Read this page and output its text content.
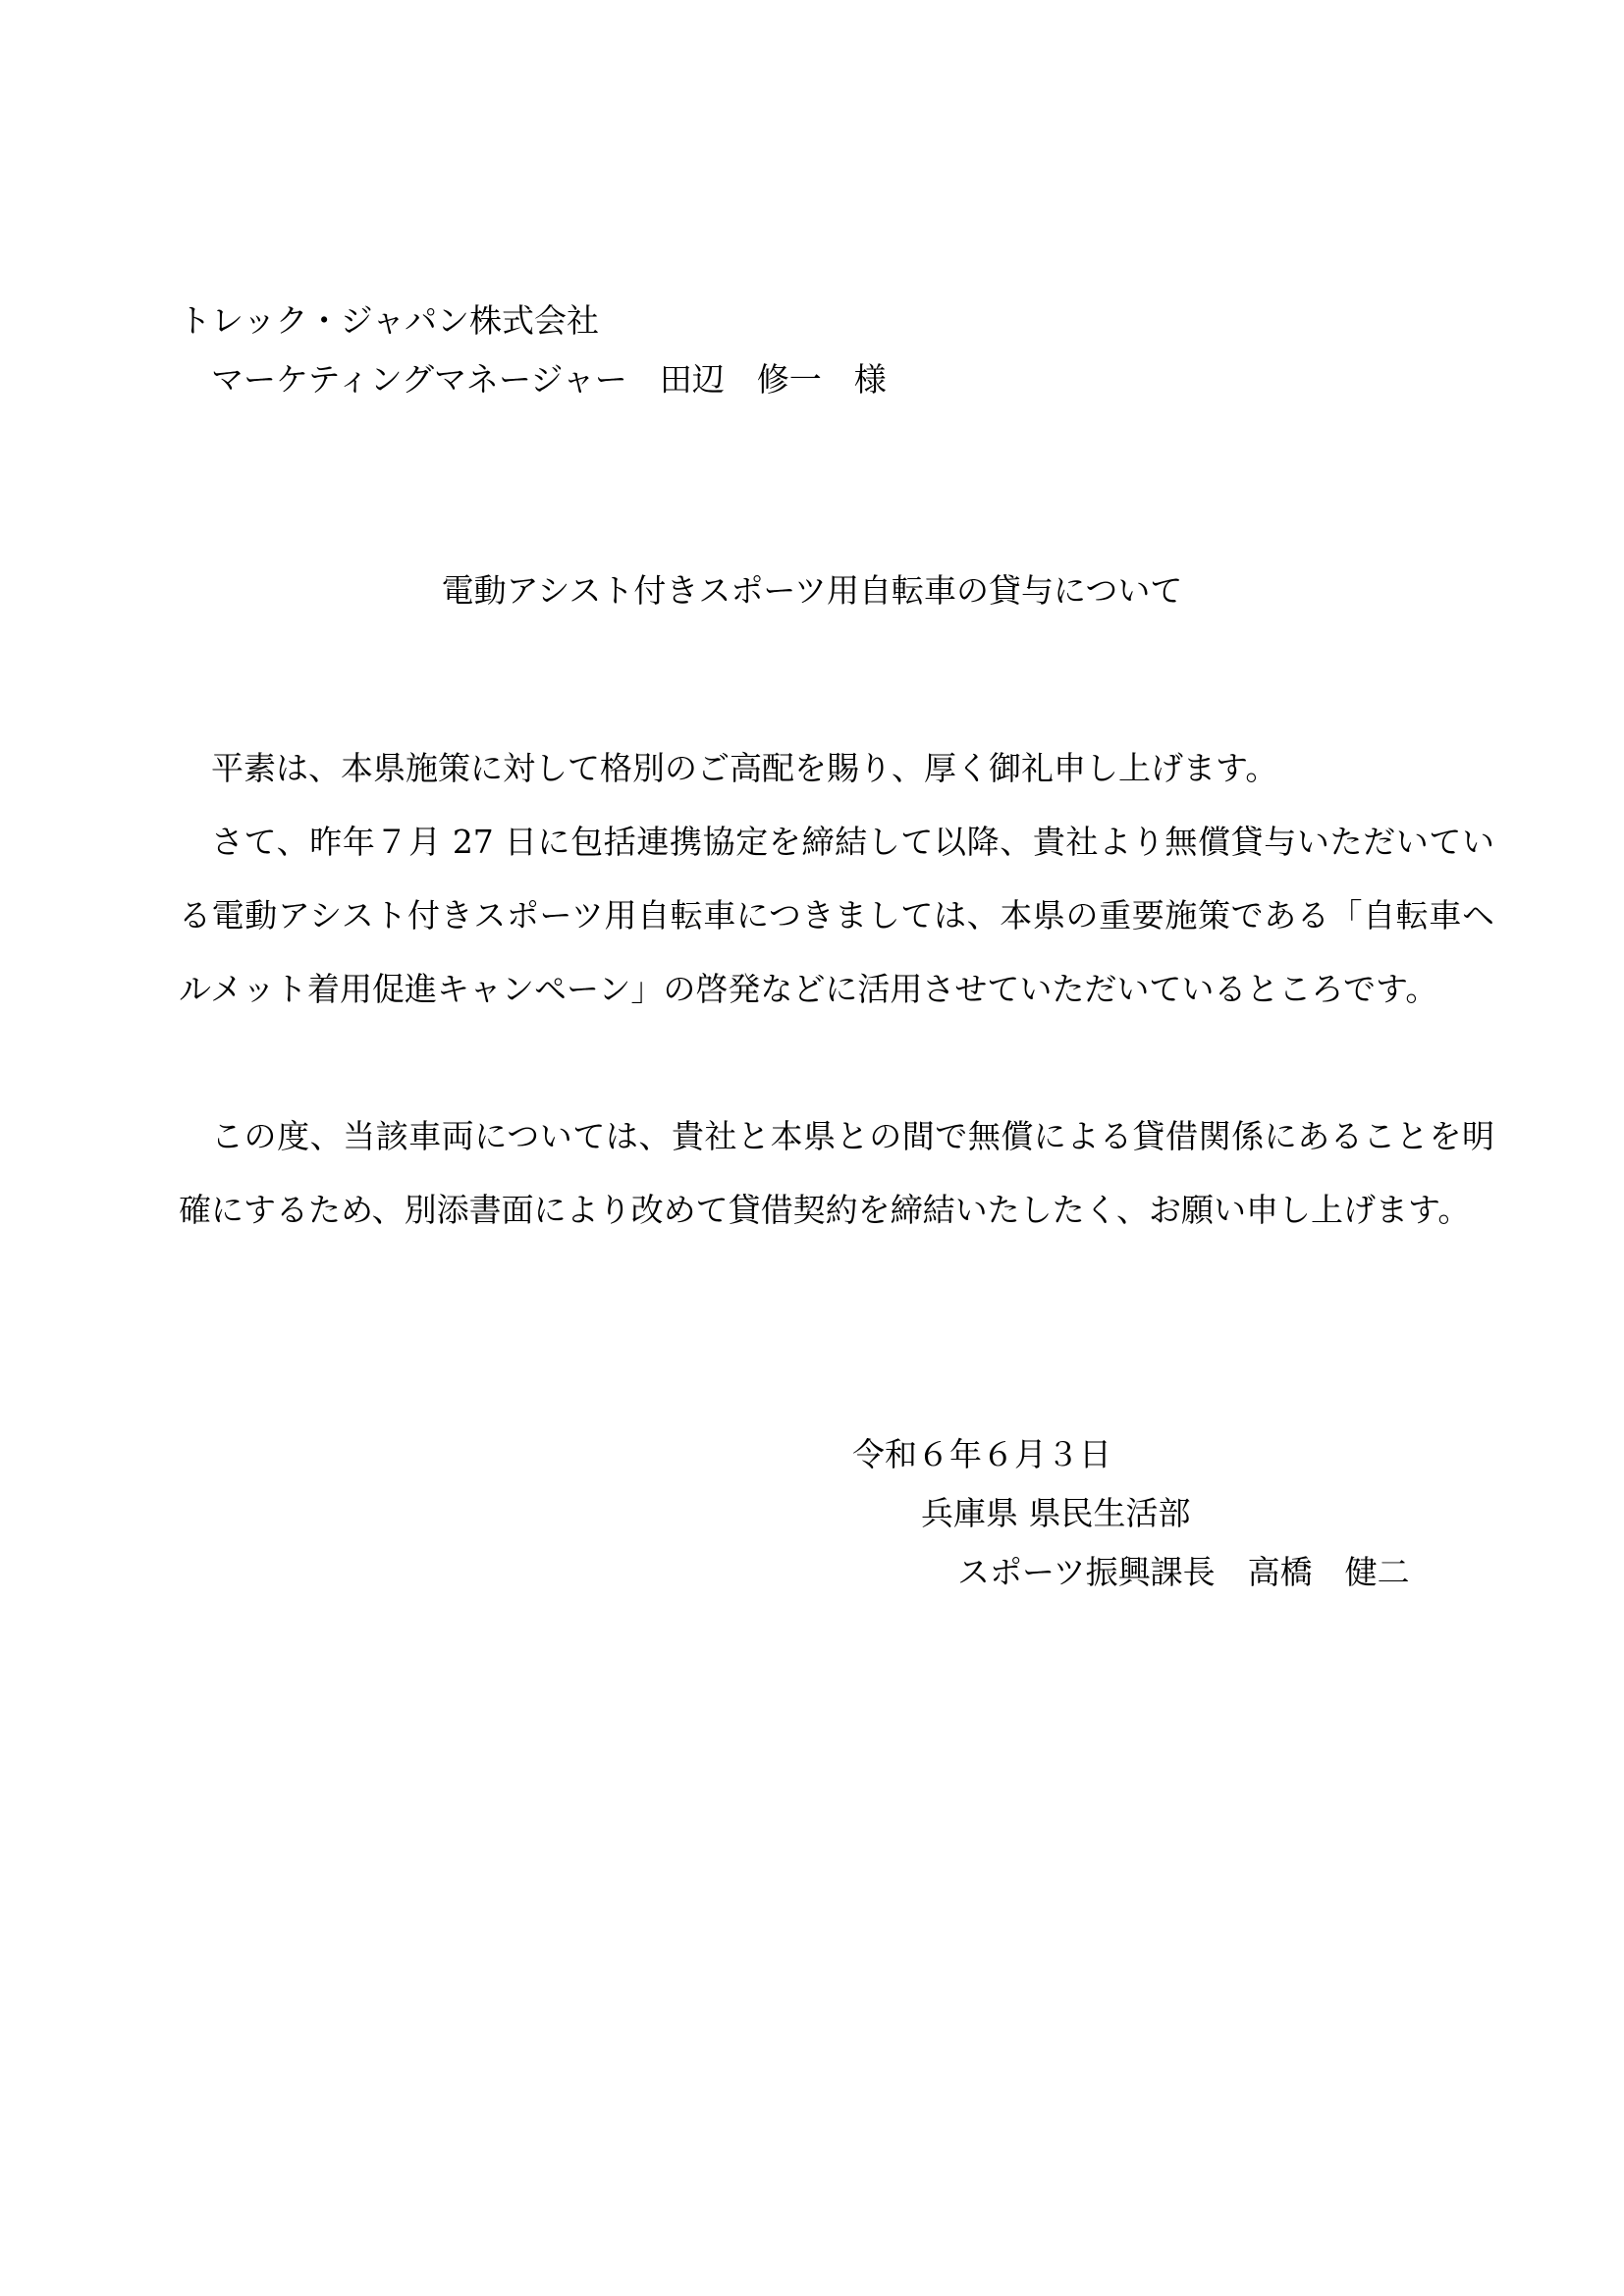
トレック・ジャパン株式会社
マーケティングマネージャー　田辺　修一　様
電動アシスト付きスポーツ用自転車の貸与について

平素は、本県施策に対して格別のご高配を賜り、厚く御礼申し上げます。

さて、昨年７月 27 日に包括連携協定を締結して以降、貴社より無償貸与いただいている電動アシスト付きスポーツ用自転車につきましては、本県の重要施策である「自転車ヘルメット着用促進キャンペーン」の啓発などに活用させていただいているところです。

この度、当該車両については、貴社と本県との間で無償による貸借関係にあることを明確にするため、別添書面により改めて貸借契約を締結いたしたく、お願い申し上げます。

令和６年６月３日
兵庫県 県民生活部
スポーツ振興課長　高橋　健二
